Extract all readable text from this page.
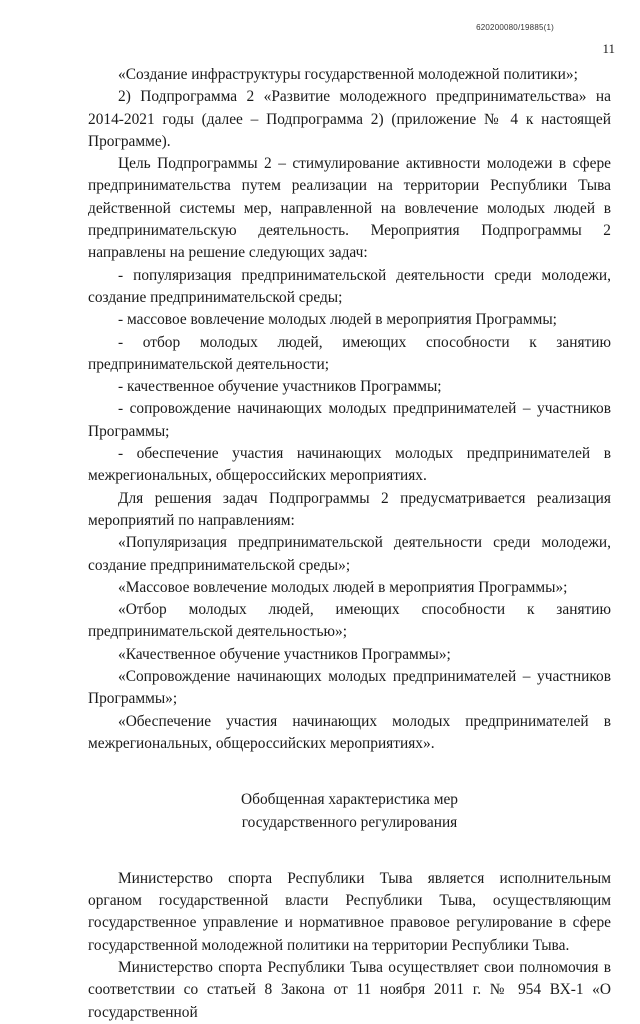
620200080/19885(1)
11

«Создание инфраструктуры государственной молодежной политики»;

2) Подпрограмма 2 «Развитие молодежного предпринимательства» на 2014-2021 годы (далее – Подпрограмма 2) (приложение № 4 к настоящей Программе).

Цель Подпрограммы 2 – стимулирование активности молодежи в сфере предпринимательства путем реализации на территории Республики Тыва действенной системы мер, направленной на вовлечение молодых людей в предпринимательскую деятельность. Мероприятия Подпрограммы 2 направлены на решение следующих задач:

- популяризация предпринимательской деятельности среди молодежи, создание предпринимательской среды;

- массовое вовлечение молодых людей в мероприятия Программы;

- отбор молодых людей, имеющих способности к занятию предпринимательской деятельности;

- качественное обучение участников Программы;

- сопровождение начинающих молодых предпринимателей – участников Программы;

- обеспечение участия начинающих молодых предпринимателей в межрегиональных, общероссийских мероприятиях.

Для решения задач Подпрограммы 2 предусматривается реализация мероприятий по направлениям:

«Популяризация предпринимательской деятельности среди молодежи, создание предпринимательской среды»;

«Массовое вовлечение молодых людей в мероприятия Программы»;

«Отбор молодых людей, имеющих способности к занятию предпринимательской деятельностью»;

«Качественное обучение участников Программы»;

«Сопровождение начинающих молодых предпринимателей – участников Программы»;

«Обеспечение участия начинающих молодых предпринимателей в межрегиональных, общероссийских мероприятиях».

Обобщенная характеристика мер
государственного регулирования

Министерство спорта Республики Тыва является исполнительным органом государственной власти Республики Тыва, осуществляющим государственное управление и нормативное правовое регулирование в сфере государственной молодежной политики на территории Республики Тыва.

Министерство спорта Республики Тыва осуществляет свои полномочия в соответствии со статьей 8 Закона от 11 ноября 2011 г. № 954 ВХ-1 «О государственной
